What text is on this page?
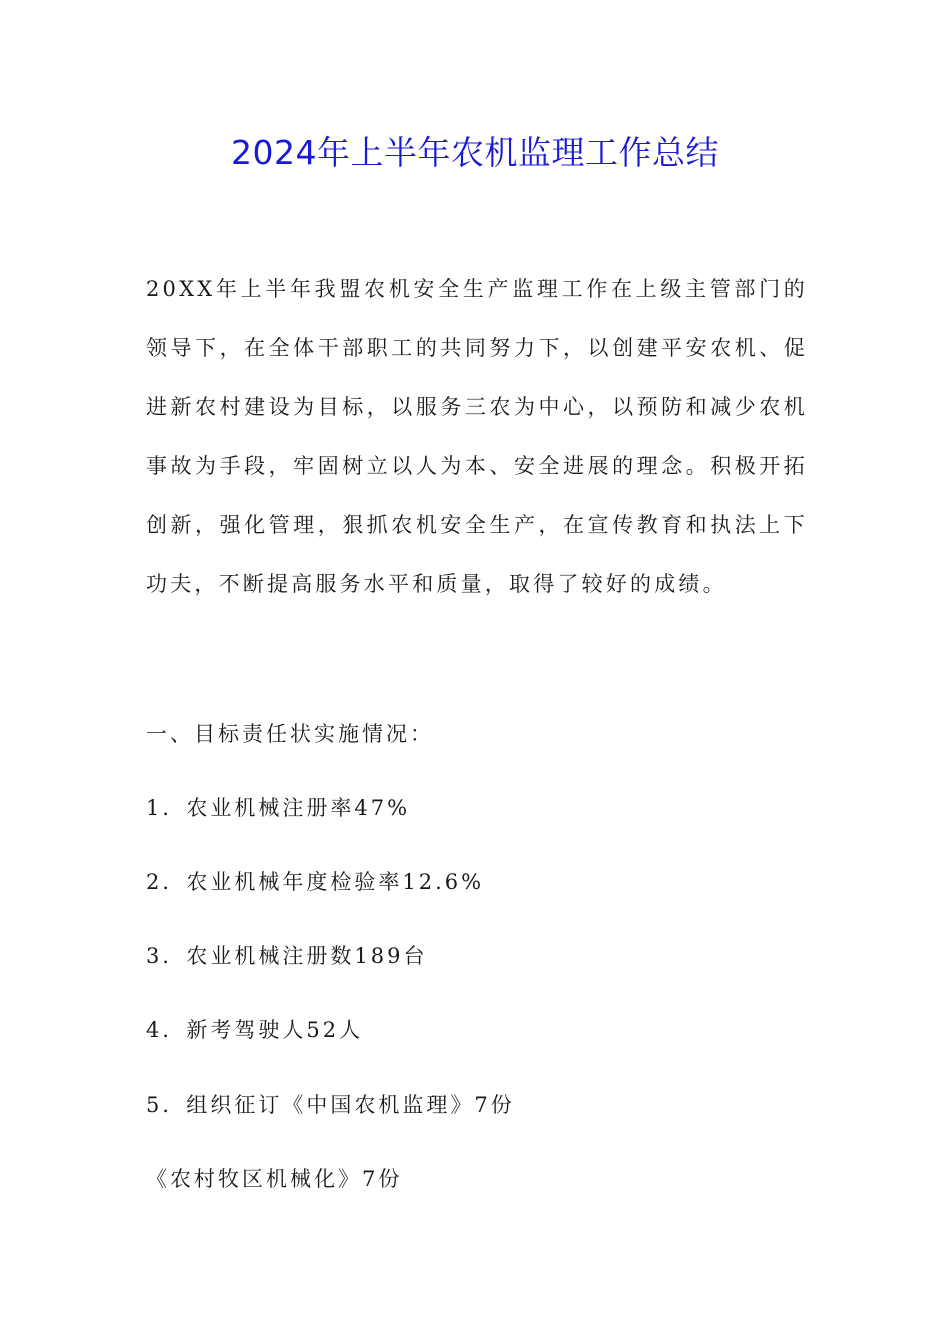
2024年上半年农机监理工作总结

20XX年上半年我盟农机安全生产监理工作在上级主管部门的领导下，在全体干部职工的共同努力下，以创建平安农机、促进新农村建设为目标，以服务三农为中心，以预防和减少农机事故为手段，牢固树立以人为本、安全进展的理念。积极开拓创新，强化管理，狠抓农机安全生产，在宣传教育和执法上下功夫，不断提高服务水平和质量，取得了较好的成绩。

一、目标责任状实施情况：

1．农业机械注册率47%

2．农业机械年度检验率12.6%

3．农业机械注册数189台

4．新考驾驶人52人

5．组织征订《中国农机监理》7份

《农村牧区机械化》7份
